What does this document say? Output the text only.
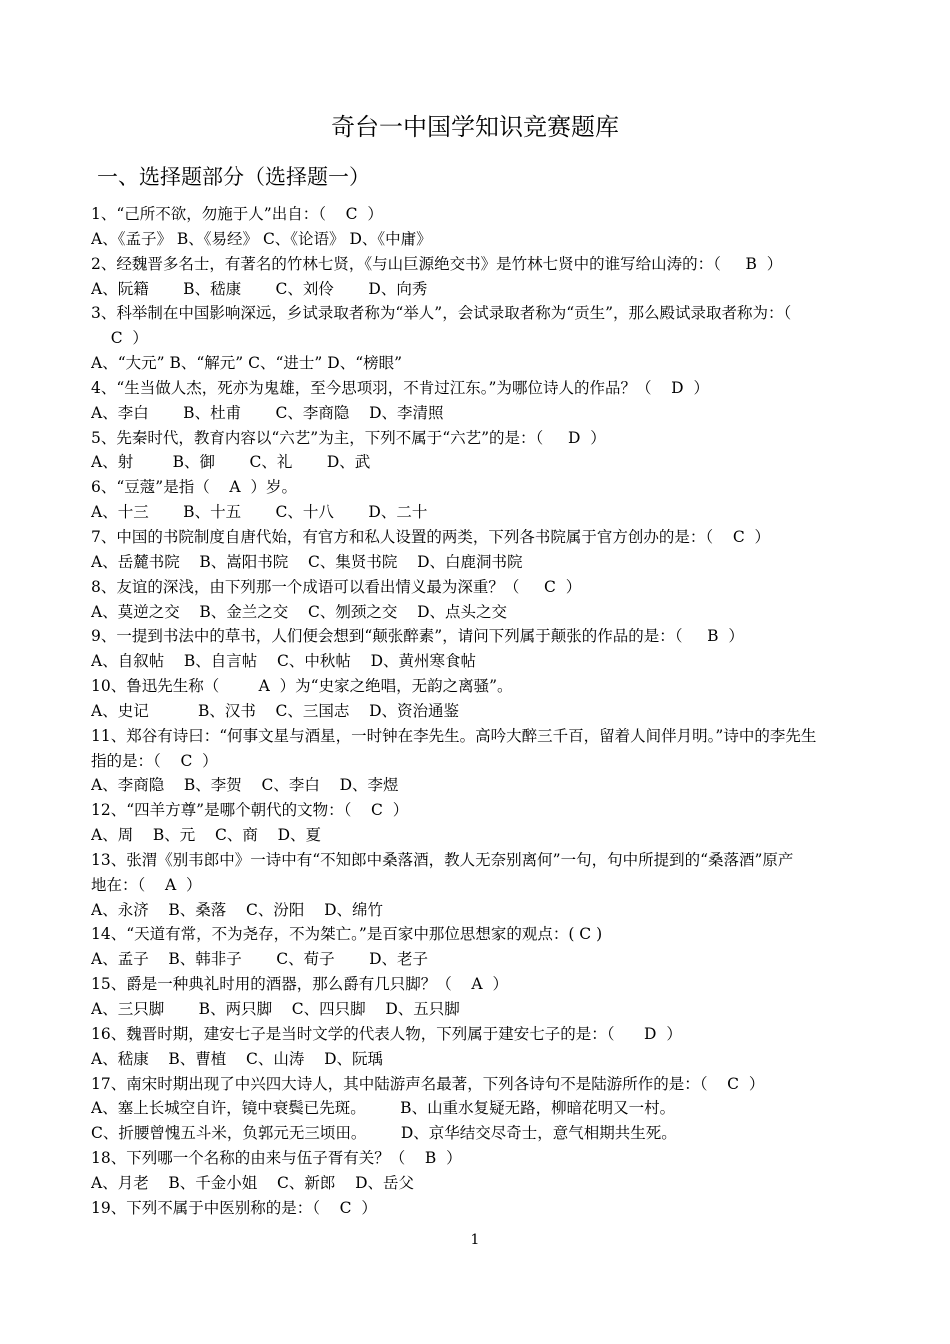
奇台一中国学知识竞赛题库
一、选择题部分（选择题一）
1、“己所不欲，勿施于人”出自：（    C  ）
A、《孟子》 B、《易经》 C、《论语》 D、《中庸》
2、经魏晋多名士，有著名的竹林七贤，《与山巨源绝交书》是竹林七贤中的谁写给山涛的：（     B  ）
A、阮籍       B、嵇康       C、刘伶       D、向秀
3、科举制在中国影响深远，乡试录取者称为“举人”，会试录取者称为“贡生”，那么殿试录取者称为：（
C  ）
A、“大元” B、“解元” C、“进士” D、“榜眼”
4、“生当做人杰，死亦为鬼雄，至今思项羽，不肯过江东。”为哪位诗人的作品？（    D  ）
A、李白       B、杜甫       C、李商隐    D、李清照
5、先秦时代，教育内容以“六艺”为主，下列不属于“六艺”的是：（     D  ）
A、射        B、御       C、礼       D、武
6、“豆蔻”是指（    A  ）岁。
A、十三       B、十五       C、十八       D、二十
7、中国的书院制度自唐代始，有官方和私人设置的两类，下列各书院属于官方创办的是：（    C  ）
A、岳麓书院    B、嵩阳书院    C、集贤书院    D、白鹿洞书院
8、友谊的深浅，由下列那一个成语可以看出情义最为深重？（     C  ）
A、莫逆之交    B、金兰之交    C、刎颈之交    D、点头之交
9、一提到书法中的草书，人们便会想到“颠张醉素”，请问下列属于颠张的作品的是：（     B  ）
A、自叙帖    B、自言帖    C、中秋帖    D、黄州寒食帖
10、鲁迅先生称（        A  ）为“史家之绝唱，无韵之离骚”。
A、史记          B、汉书    C、三国志    D、资治通鉴
11、郑谷有诗曰：“何事文星与酒星，一时钟在李先生。高吟大醉三千百，留着人间伴月明。”诗中的李先生
指的是：（    C  ）
A、李商隐    B、李贺    C、李白    D、李煜
12、“四羊方尊”是哪个朝代的文物：（    C  ）
A、周    B、元    C、商    D、夏
13、张渭《别韦郎中》一诗中有“不知郎中桑落酒，教人无奈别离何”一句，句中所提到的“桑落酒”原产
地在：（    A  ）
A、永济    B、桑落    C、汾阳    D、绵竹
14、“天道有常，不为尧存，不为桀亡。”是百家中那位思想家的观点：( C )
A、孟子    B、韩非子       C、荀子       D、老子
15、爵是一种典礼时用的酒器，那么爵有几只脚？（    A  ）
A、三只脚       B、两只脚    C、四只脚    D、五只脚
16、魏晋时期，建安七子是当时文学的代表人物，下列属于建安七子的是：（      D  ）
A、嵇康    B、曹植    C、山涛    D、阮瑀
17、南宋时期出现了中兴四大诗人，其中陆游声名最著，下列各诗句不是陆游所作的是：（    C  ）
A、塞上长城空自许，镜中衰鬓已先斑。       B、山重水复疑无路，柳暗花明又一村。
C、折腰曾愧五斗米，负郭元无三顷田。       D、京华结交尽奇士，意气相期共生死。
18、下列哪一个名称的由来与伍子胥有关？（    B  ）
A、月老    B、千金小姐    C、新郎    D、岳父
19、下列不属于中医别称的是：（    C  ）
1
